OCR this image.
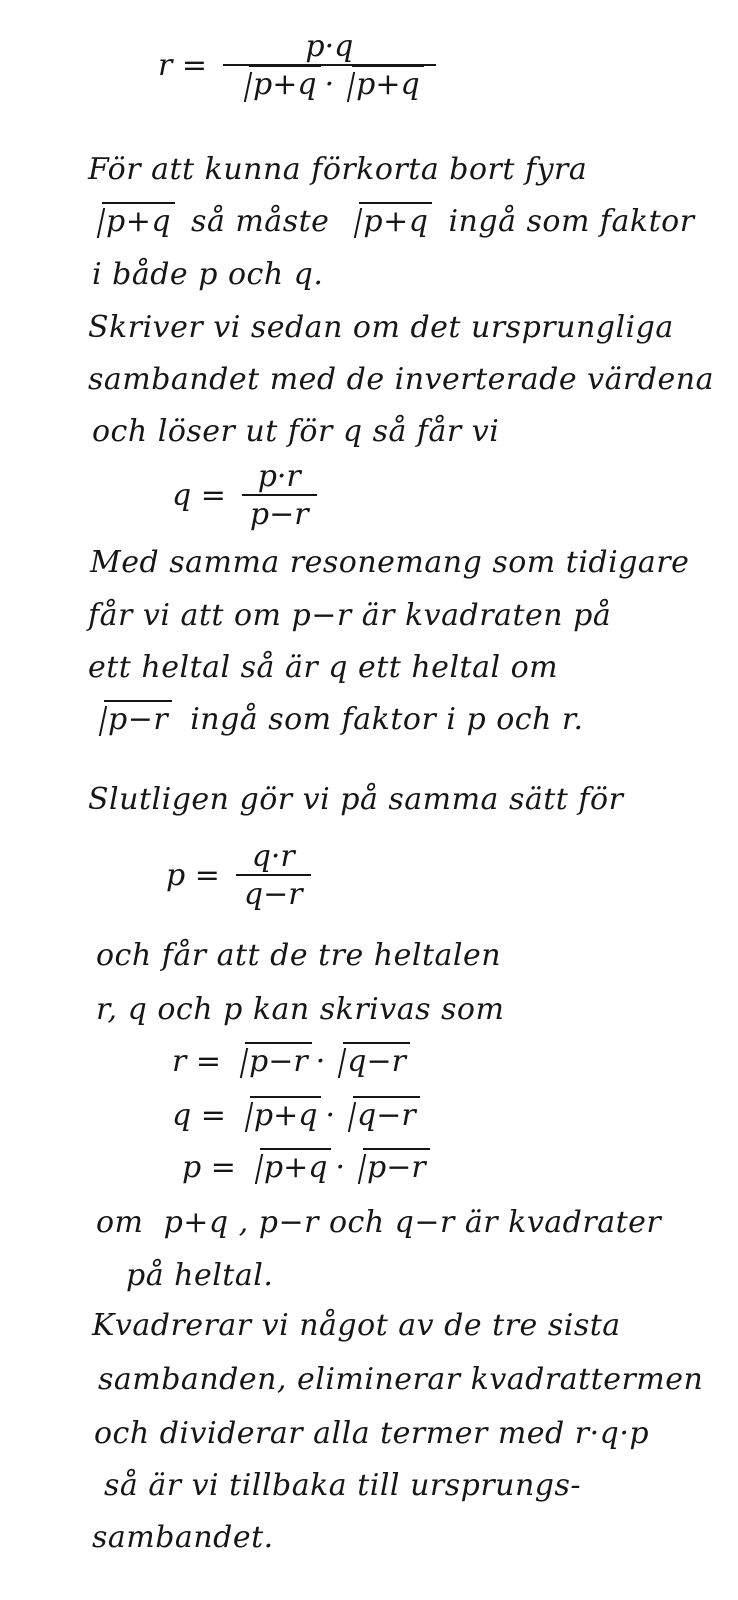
$r = \frac{p\cdot q}{p+q \cdot p+q}$
För att kunna förkorta bort fyra
p+q så måste	p+q ingå som faktor
i både p och q.
Skriver vi sedan om det ursprungliga
sambandet med de inverterade värdena
och löser ut för q så får vi
$q = \frac{p\cdot r}{p-r}$
Med samma resonemang som tidigare
får vi att om p−r är kvadraten på
ett heltal så är q ett heltal om
p−r ingå som faktor i p och r.
Slutligen gör vi på samma sätt för
$p = \frac{q\cdot r}{q-r}$
och får att de tre heltalen
r, q och p kan skrivas som
r = p−r · q−r
q = p+q · q−r
p = p+q · p−r
om  p+q , p−r och q−r är kvadrater
på heltal.
Kvadrerar vi något av de tre sista
sambanden, eliminerar kvadrattermen
och dividerar alla termer med r·q·p
så är vi tillbaka till ursprungs-
sambandet.
